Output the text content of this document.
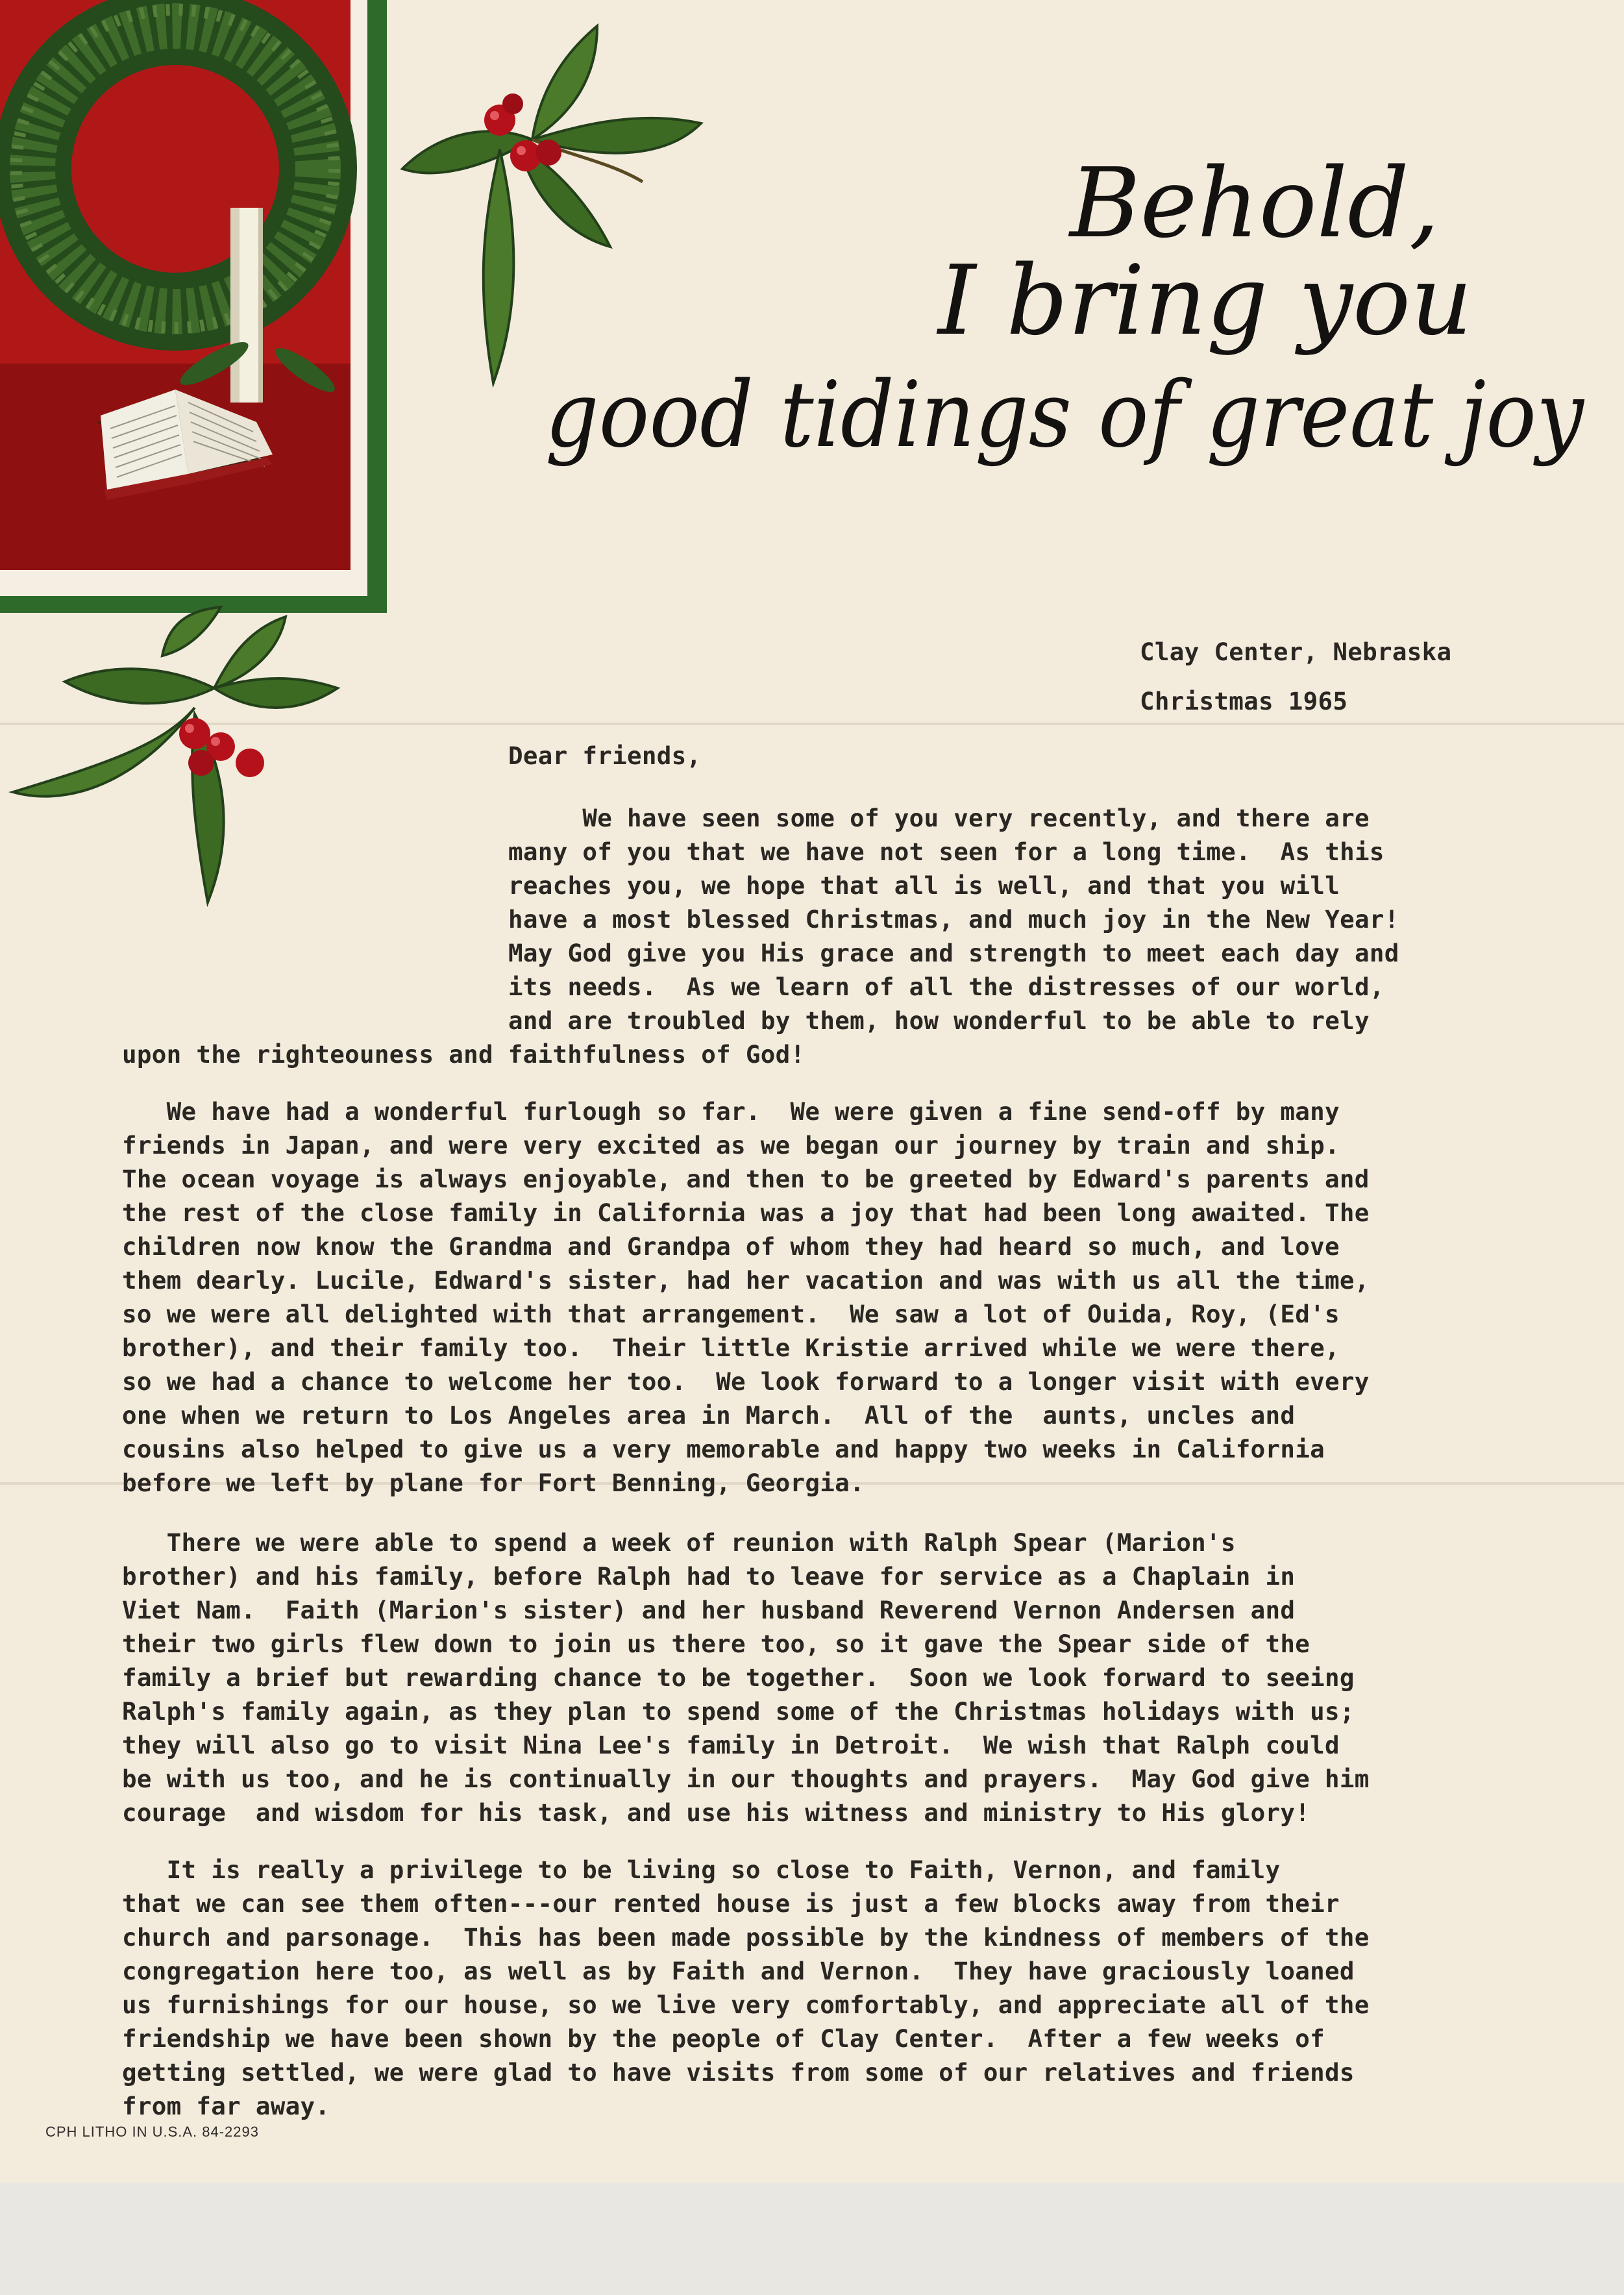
Behold,
I bring you
good tidings of great joy
Clay Center, Nebraska
Christmas 1965
Dear friends,
We have seen some of you very recently, and there are
many of you that we have not seen for a long time.  As this
reaches you, we hope that all is well, and that you will
have a most blessed Christmas, and much joy in the New Year!
May God give you His grace and strength to meet each day and
its needs.  As we learn of all the distresses of our world,
and are troubled by them, how wonderful to be able to rely
upon the righteouness and faithfulness of God!
We have had a wonderful furlough so far.  We were given a fine send-off by many
friends in Japan, and were very excited as we began our journey by train and ship.
The ocean voyage is always enjoyable, and then to be greeted by Edward's parents and
the rest of the close family in California was a joy that had been long awaited. The
children now know the Grandma and Grandpa of whom they had heard so much, and love
them dearly. Lucile, Edward's sister, had her vacation and was with us all the time,
so we were all delighted with that arrangement.  We saw a lot of Ouida, Roy, (Ed's
brother), and their family too.  Their little Kristie arrived while we were there,
so we had a chance to welcome her too.  We look forward to a longer visit with every
one when we return to Los Angeles area in March.  All of the  aunts, uncles and
cousins also helped to give us a very memorable and happy two weeks in California
before we left by plane for Fort Benning, Georgia.
There we were able to spend a week of reunion with Ralph Spear (Marion's
brother) and his family, before Ralph had to leave for service as a Chaplain in
Viet Nam.  Faith (Marion's sister) and her husband Reverend Vernon Andersen and
their two girls flew down to join us there too, so it gave the Spear side of the
family a brief but rewarding chance to be together.  Soon we look forward to seeing
Ralph's family again, as they plan to spend some of the Christmas holidays with us;
they will also go to visit Nina Lee's family in Detroit.  We wish that Ralph could
be with us too, and he is continually in our thoughts and prayers.  May God give him
courage  and wisdom for his task, and use his witness and ministry to His glory!
It is really a privilege to be living so close to Faith, Vernon, and family
that we can see them often---our rented house is just a few blocks away from their
church and parsonage.  This has been made possible by the kindness of members of the
congregation here too, as well as by Faith and Vernon.  They have graciously loaned
us furnishings for our house, so we live very comfortably, and appreciate all of the
friendship we have been shown by the people of Clay Center.  After a few weeks of
getting settled, we were glad to have visits from some of our relatives and friends
from far away.
CPH LITHO IN U.S.A. 84-2293
